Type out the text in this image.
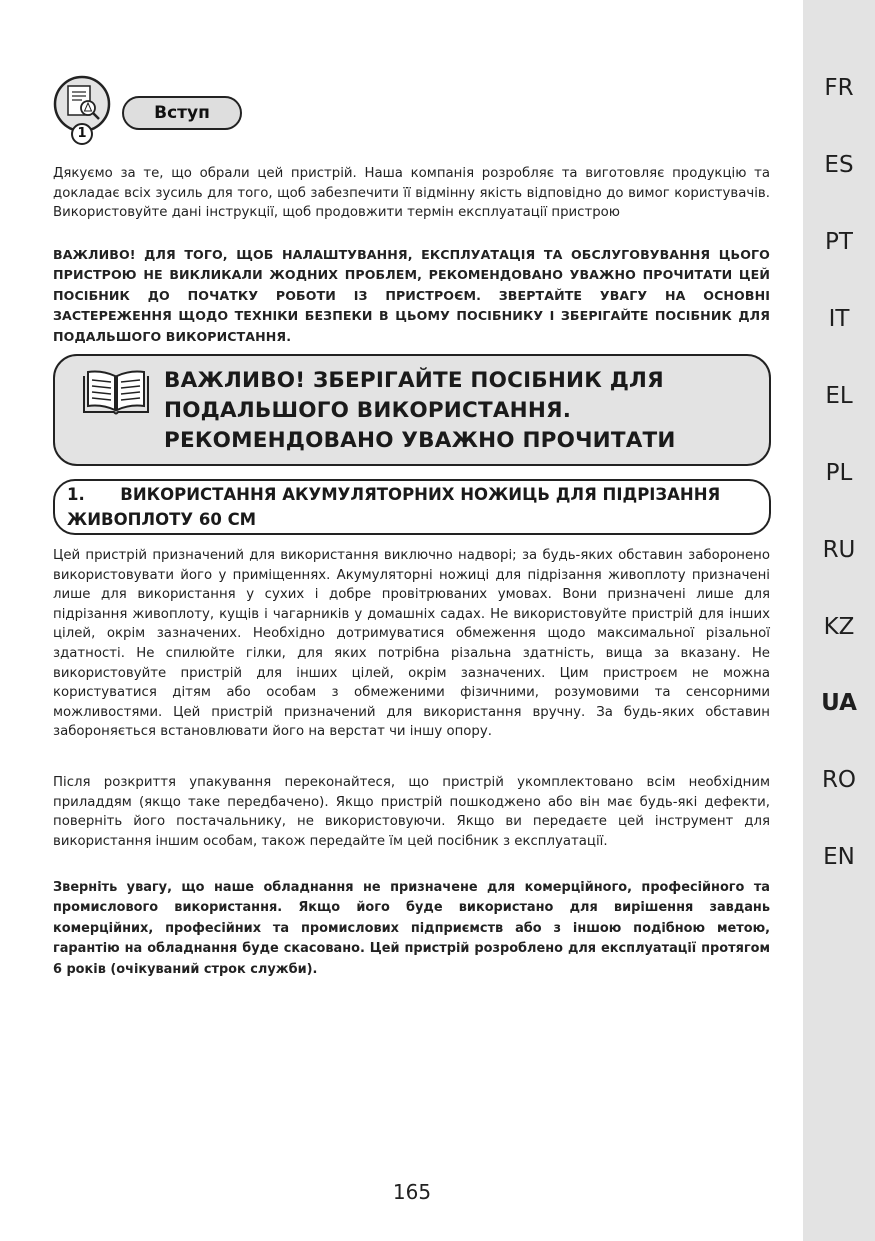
FR
ES
PT
IT
EL
PL
RU
KZ
UA
RO
EN
1
Вступ
Дякуємо за те, що обрали цей пристрій. Наша компанія розробляє та виготовляє продукцію та докладає всіх зусиль для того, щоб забезпечити її відмінну якість відповідно до вимог користувачів. Використовуйте дані інструкції, щоб продовжити термін експлуатації пристрою
ВАЖЛИВО! ДЛЯ ТОГО, ЩОБ НАЛАШТУВАННЯ, ЕКСПЛУАТАЦІЯ ТА ОБСЛУГОВУВАННЯ ЦЬОГО ПРИСТРОЮ НЕ ВИКЛИКАЛИ ЖОДНИХ ПРОБЛЕМ, РЕКОМЕНДОВАНО УВАЖНО ПРОЧИТАТИ ЦЕЙ ПОСІБНИК ДО ПОЧАТКУ РОБОТИ ІЗ ПРИСТРОЄМ. ЗВЕРТАЙТЕ УВАГУ НА ОСНОВНІ ЗАСТЕРЕЖЕННЯ ЩОДО ТЕХНІКИ БЕЗПЕКИ В ЦЬОМУ ПОСІБНИКУ І ЗБЕРІГАЙТЕ ПОСІБНИК ДЛЯ ПОДАЛЬШОГО ВИКОРИСТАННЯ.
ВАЖЛИВО! ЗБЕРІГАЙТЕ ПОСІБНИК ДЛЯ
ПОДАЛЬШОГО ВИКОРИСТАННЯ.
РЕКОМЕНДОВАНО УВАЖНО ПРОЧИТАТИ
1. ВИКОРИСТАННЯ АКУМУЛЯТОРНИХ НОЖИЦЬ ДЛЯ ПІДРІЗАННЯ
ЖИВОПЛОТУ 60 СМ
Цей пристрій призначений для використання виключно надворі; за будь-яких обставин заборонено використовувати його у приміщеннях. Акумуляторні ножиці для підрізання живоплоту призначені лише для використання у сухих і добре провітрюваних умовах. Вони призначені лише для підрізання живоплоту, кущів і чагарників у домашніх садах. Не використовуйте пристрій для інших цілей, окрім зазначених. Необхідно дотримуватися обмеження щодо максимальної різальної здатності. Не спилюйте гілки, для яких потрібна різальна здатність, вища за вказану. Не використовуйте пристрій для інших цілей, окрім зазначених. Цим пристроєм не можна користуватися дітям або особам з обмеженими фізичними, розумовими та сенсорними можливостями. Цей пристрій призначений для використання вручну. За будь-яких обставин забороняється встановлювати його на верстат чи іншу опору.
Після розкриття упакування переконайтеся, що пристрій укомплектовано всім необхідним приладдям (якщо таке передбачено). Якщо пристрій пошкоджено або він має будь-які дефекти, поверніть його постачальнику, не використовуючи. Якщо ви передаєте цей інструмент для використання іншим особам, також передайте їм цей посібник з експлуатації.
Зверніть увагу, що наше обладнання не призначене для комерційного, професійного та промислового використання. Якщо його буде використано для вирішення завдань комерційних, професійних та промислових підприємств або з іншою подібною метою, гарантію на обладнання буде скасовано. Цей пристрій розроблено для експлуатації протягом 6 років (очікуваний строк служби).
165
